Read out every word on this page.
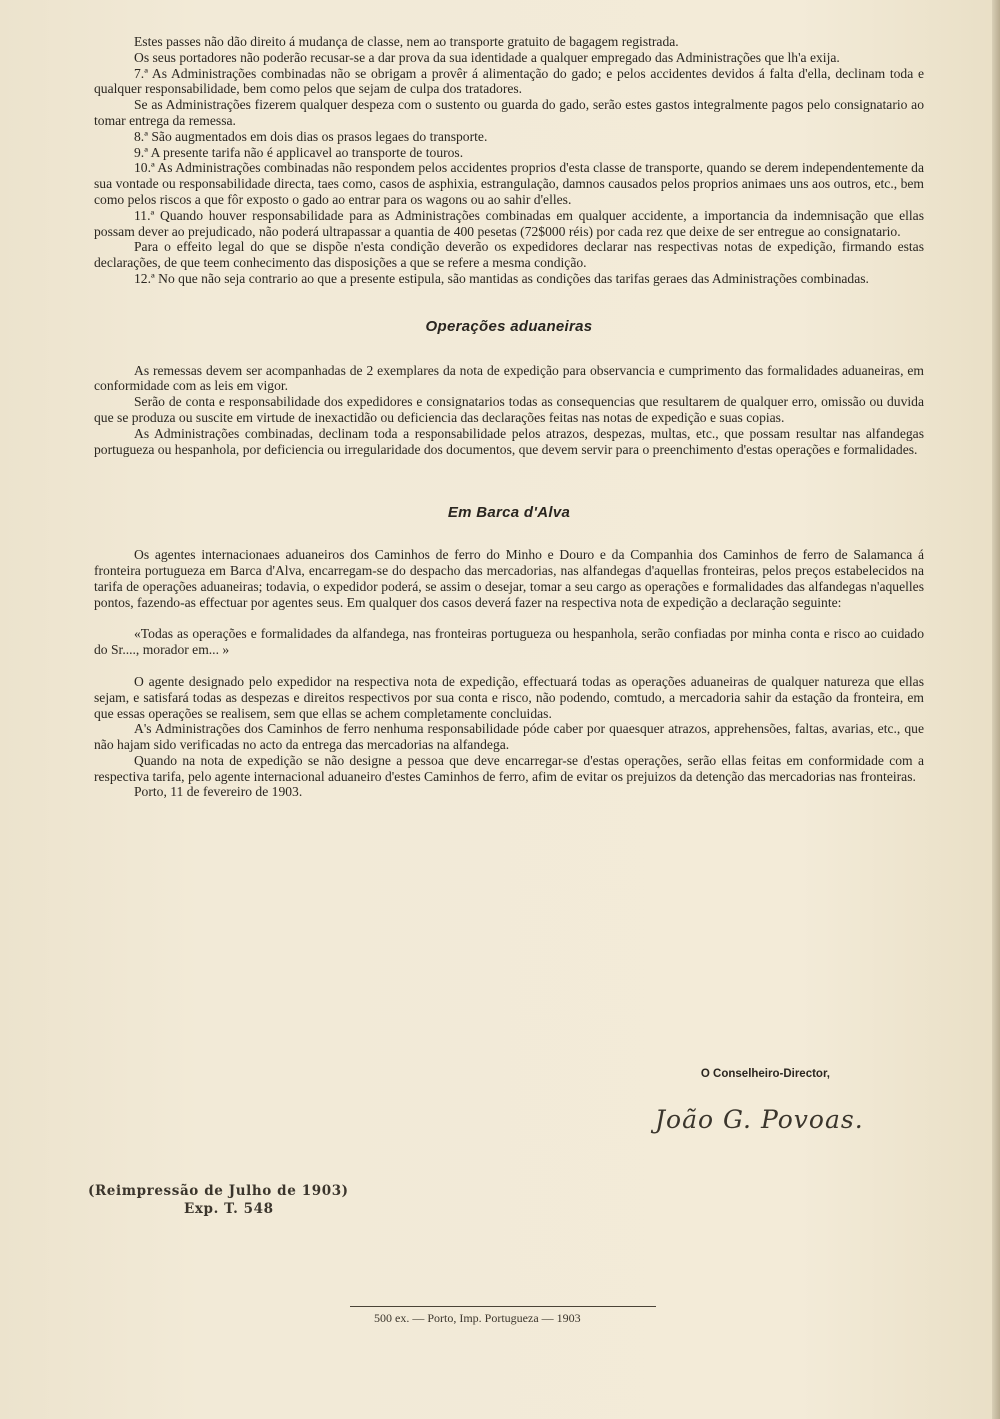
Estes passes não dão direito á mudança de classe, nem ao transporte gratuito de bagagem registrada.

Os seus portadores não poderão recusar-se a dar prova da sua identidade a qualquer empregado das Administrações que lh'a exija.

7.ª As Administrações combinadas não se obrigam a provêr á alimentação do gado; e pelos accidentes devidos á falta d'ella, declinam toda e qualquer responsabilidade, bem como pelos que sejam de culpa dos tratadores.

Se as Administrações fizerem qualquer despeza com o sustento ou guarda do gado, serão estes gastos integralmente pagos pelo consignatario ao tomar entrega da remessa.

8.ª São augmentados em dois dias os prasos legaes do transporte.

9.ª A presente tarifa não é applicavel ao transporte de touros.

10.ª As Administrações combinadas não respondem pelos accidentes proprios d'esta classe de transporte, quando se derem independentemente da sua vontade ou responsabilidade directa, taes como, casos de asphixia, estrangulação, damnos causados pelos proprios animaes uns aos outros, etc., bem como pelos riscos a que fôr exposto o gado ao entrar para os wagons ou ao sahir d'elles.

11.ª Quando houver responsabilidade para as Administrações combinadas em qualquer accidente, a importancia da indemnisação que ellas possam dever ao prejudicado, não poderá ultrapassar a quantia de 400 pesetas (72$000 réis) por cada rez que deixe de ser entregue ao consignatario.

Para o effeito legal do que se dispõe n'esta condição deverão os expedidores declarar nas respectivas notas de expedição, firmando estas declarações, de que teem conhecimento das disposições a que se refere a mesma condição.

12.ª No que não seja contrario ao que a presente estipula, são mantidas as condições das tarifas geraes das Administrações combinadas.

Operações aduaneiras

As remessas devem ser acompanhadas de 2 exemplares da nota de expedição para observancia e cumprimento das formalidades aduaneiras, em conformidade com as leis em vigor.

Serão de conta e responsabilidade dos expedidores e consignatarios todas as consequencias que resultarem de qualquer erro, omissão ou duvida que se produza ou suscite em virtude de inexactidão ou deficiencia das declarações feitas nas notas de expedição e suas copias.

As Administrações combinadas, declinam toda a responsabilidade pelos atrazos, despezas, multas, etc., que possam resultar nas alfandegas portugueza ou hespanhola, por deficiencia ou irregularidade dos documentos, que devem servir para o preenchimento d'estas operações e formalidades.

Em Barca d'Alva

Os agentes internacionaes aduaneiros dos Caminhos de ferro do Minho e Douro e da Companhia dos Caminhos de ferro de Salamanca á fronteira portugueza em Barca d'Alva, encarregam-se do despacho das mercadorias, nas alfandegas d'aquellas fronteiras, pelos preços estabelecidos na tarifa de operações aduaneiras; todavia, o expedidor poderá, se assim o desejar, tomar a seu cargo as operações e formalidades das alfandegas n'aquelles pontos, fazendo-as effectuar por agentes seus. Em qualquer dos casos deverá fazer na respectiva nota de expedição a declaração seguinte:

«Todas as operações e formalidades da alfandega, nas fronteiras portugueza ou hespanhola, serão confiadas por minha conta e risco ao cuidado do Sr...., morador em... »

O agente designado pelo expedidor na respectiva nota de expedição, effectuará todas as operações aduaneiras de qualquer natureza que ellas sejam, e satisfará todas as despezas e direitos respectivos por sua conta e risco, não podendo, comtudo, a mercadoria sahir da estação da fronteira, em que essas operações se realisem, sem que ellas se achem completamente concluidas.

A's Administrações dos Caminhos de ferro nenhuma responsabilidade póde caber por quaesquer atrazos, apprehensões, faltas, avarias, etc., que não hajam sido verificadas no acto da entrega das mercadorias na alfandega.

Quando na nota de expedição se não designe a pessoa que deve encarregar-se d'estas operações, serão ellas feitas em conformidade com a respectiva tarifa, pelo agente internacional aduaneiro d'estes Caminhos de ferro, afim de evitar os prejuizos da detenção das mercadorias nas fronteiras.

Porto, 11 de fevereiro de 1903.

O Conselheiro-Director,
João G. Povoas.
(Reimpressão de Julho de 1903)
Exp. T. 548
500 ex. — Porto, Imp. Portugueza — 1903
